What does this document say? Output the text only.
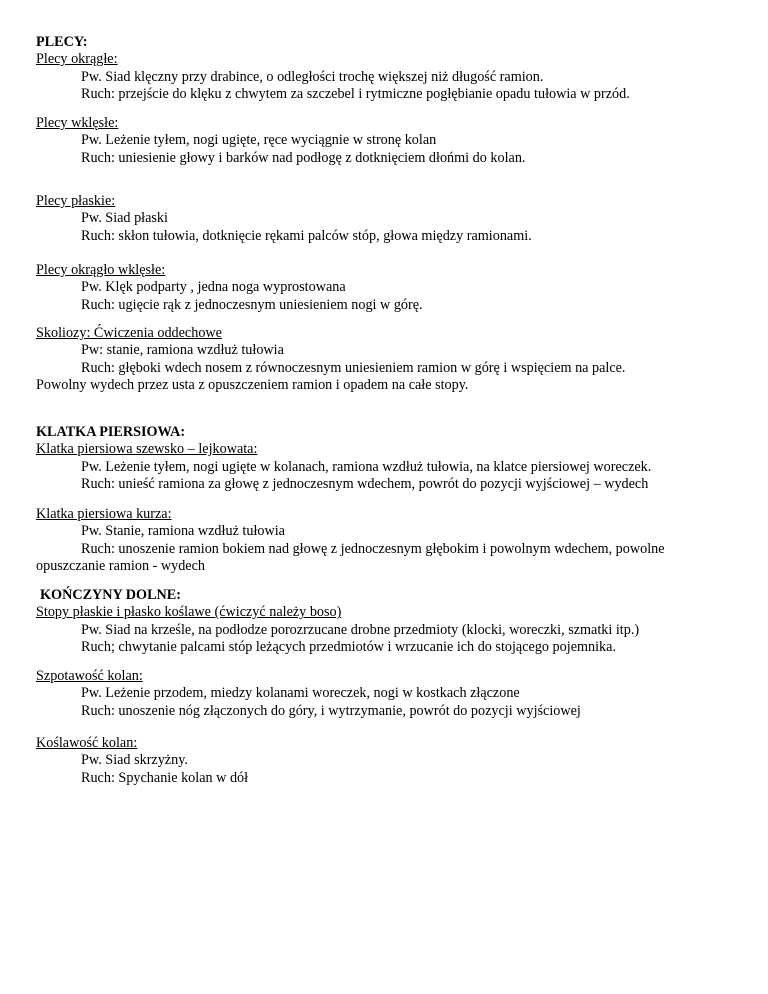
PLECY:
Plecy okrągłe:
Pw. Siad klęczny przy drabince, o odległości trochę większej niż długość ramion.
Ruch: przejście do klęku z chwytem za szczebel i rytmiczne pogłębianie opadu tułowia w przód.
Plecy wklęsłe:
Pw. Leżenie tyłem, nogi ugięte, ręce wyciągnie w stronę kolan
Ruch: uniesienie głowy i barków nad podłogę z dotknięciem dłońmi do kolan.
Plecy płaskie:
Pw. Siad płaski
Ruch: skłon tułowia, dotknięcie rękami palców stóp, głowa między ramionami.
Plecy okrągło wklęsłe:
Pw. Klęk podparty , jedna noga wyprostowana
Ruch: ugięcie rąk z jednoczesnym uniesieniem nogi w górę.
Skoliozy: Ćwiczenia oddechowe
Pw: stanie, ramiona wzdłuż tułowia
Ruch: głęboki wdech nosem z równoczesnym uniesieniem ramion w górę i wspięciem na palce.
Powolny wydech przez usta z opuszczeniem ramion i opadem na całe stopy.
KLATKA PIERSIOWA:
Klatka piersiowa szewsko – lejkowata:
Pw. Leżenie tyłem, nogi ugięte w kolanach, ramiona wzdłuż tułowia, na klatce piersiowej woreczek.
Ruch: unieść ramiona za głowę z jednoczesnym wdechem, powrót do pozycji wyjściowej – wydech
Klatka piersiowa kurza:
Pw. Stanie, ramiona wzdłuż tułowia
Ruch: unoszenie ramion bokiem nad głowę z jednoczesnym głębokim i powolnym wdechem, powolne
opuszczanie ramion - wydech
KOŃCZYNY DOLNE:
Stopy płaskie i płasko koślawe (ćwiczyć należy boso)
Pw. Siad na krześle, na podłodze porozrzucane drobne przedmioty (klocki, woreczki, szmatki itp.)
Ruch; chwytanie palcami stóp leżących przedmiotów i wrzucanie ich do stojącego pojemnika.
Szpotawość kolan:
Pw. Leżenie przodem, miedzy kolanami woreczek, nogi w kostkach złączone
Ruch: unoszenie nóg złączonych do góry, i wytrzymanie, powrót do pozycji wyjściowej
Koślawość kolan:
Pw. Siad skrzyżny.
Ruch: Spychanie kolan w dół
